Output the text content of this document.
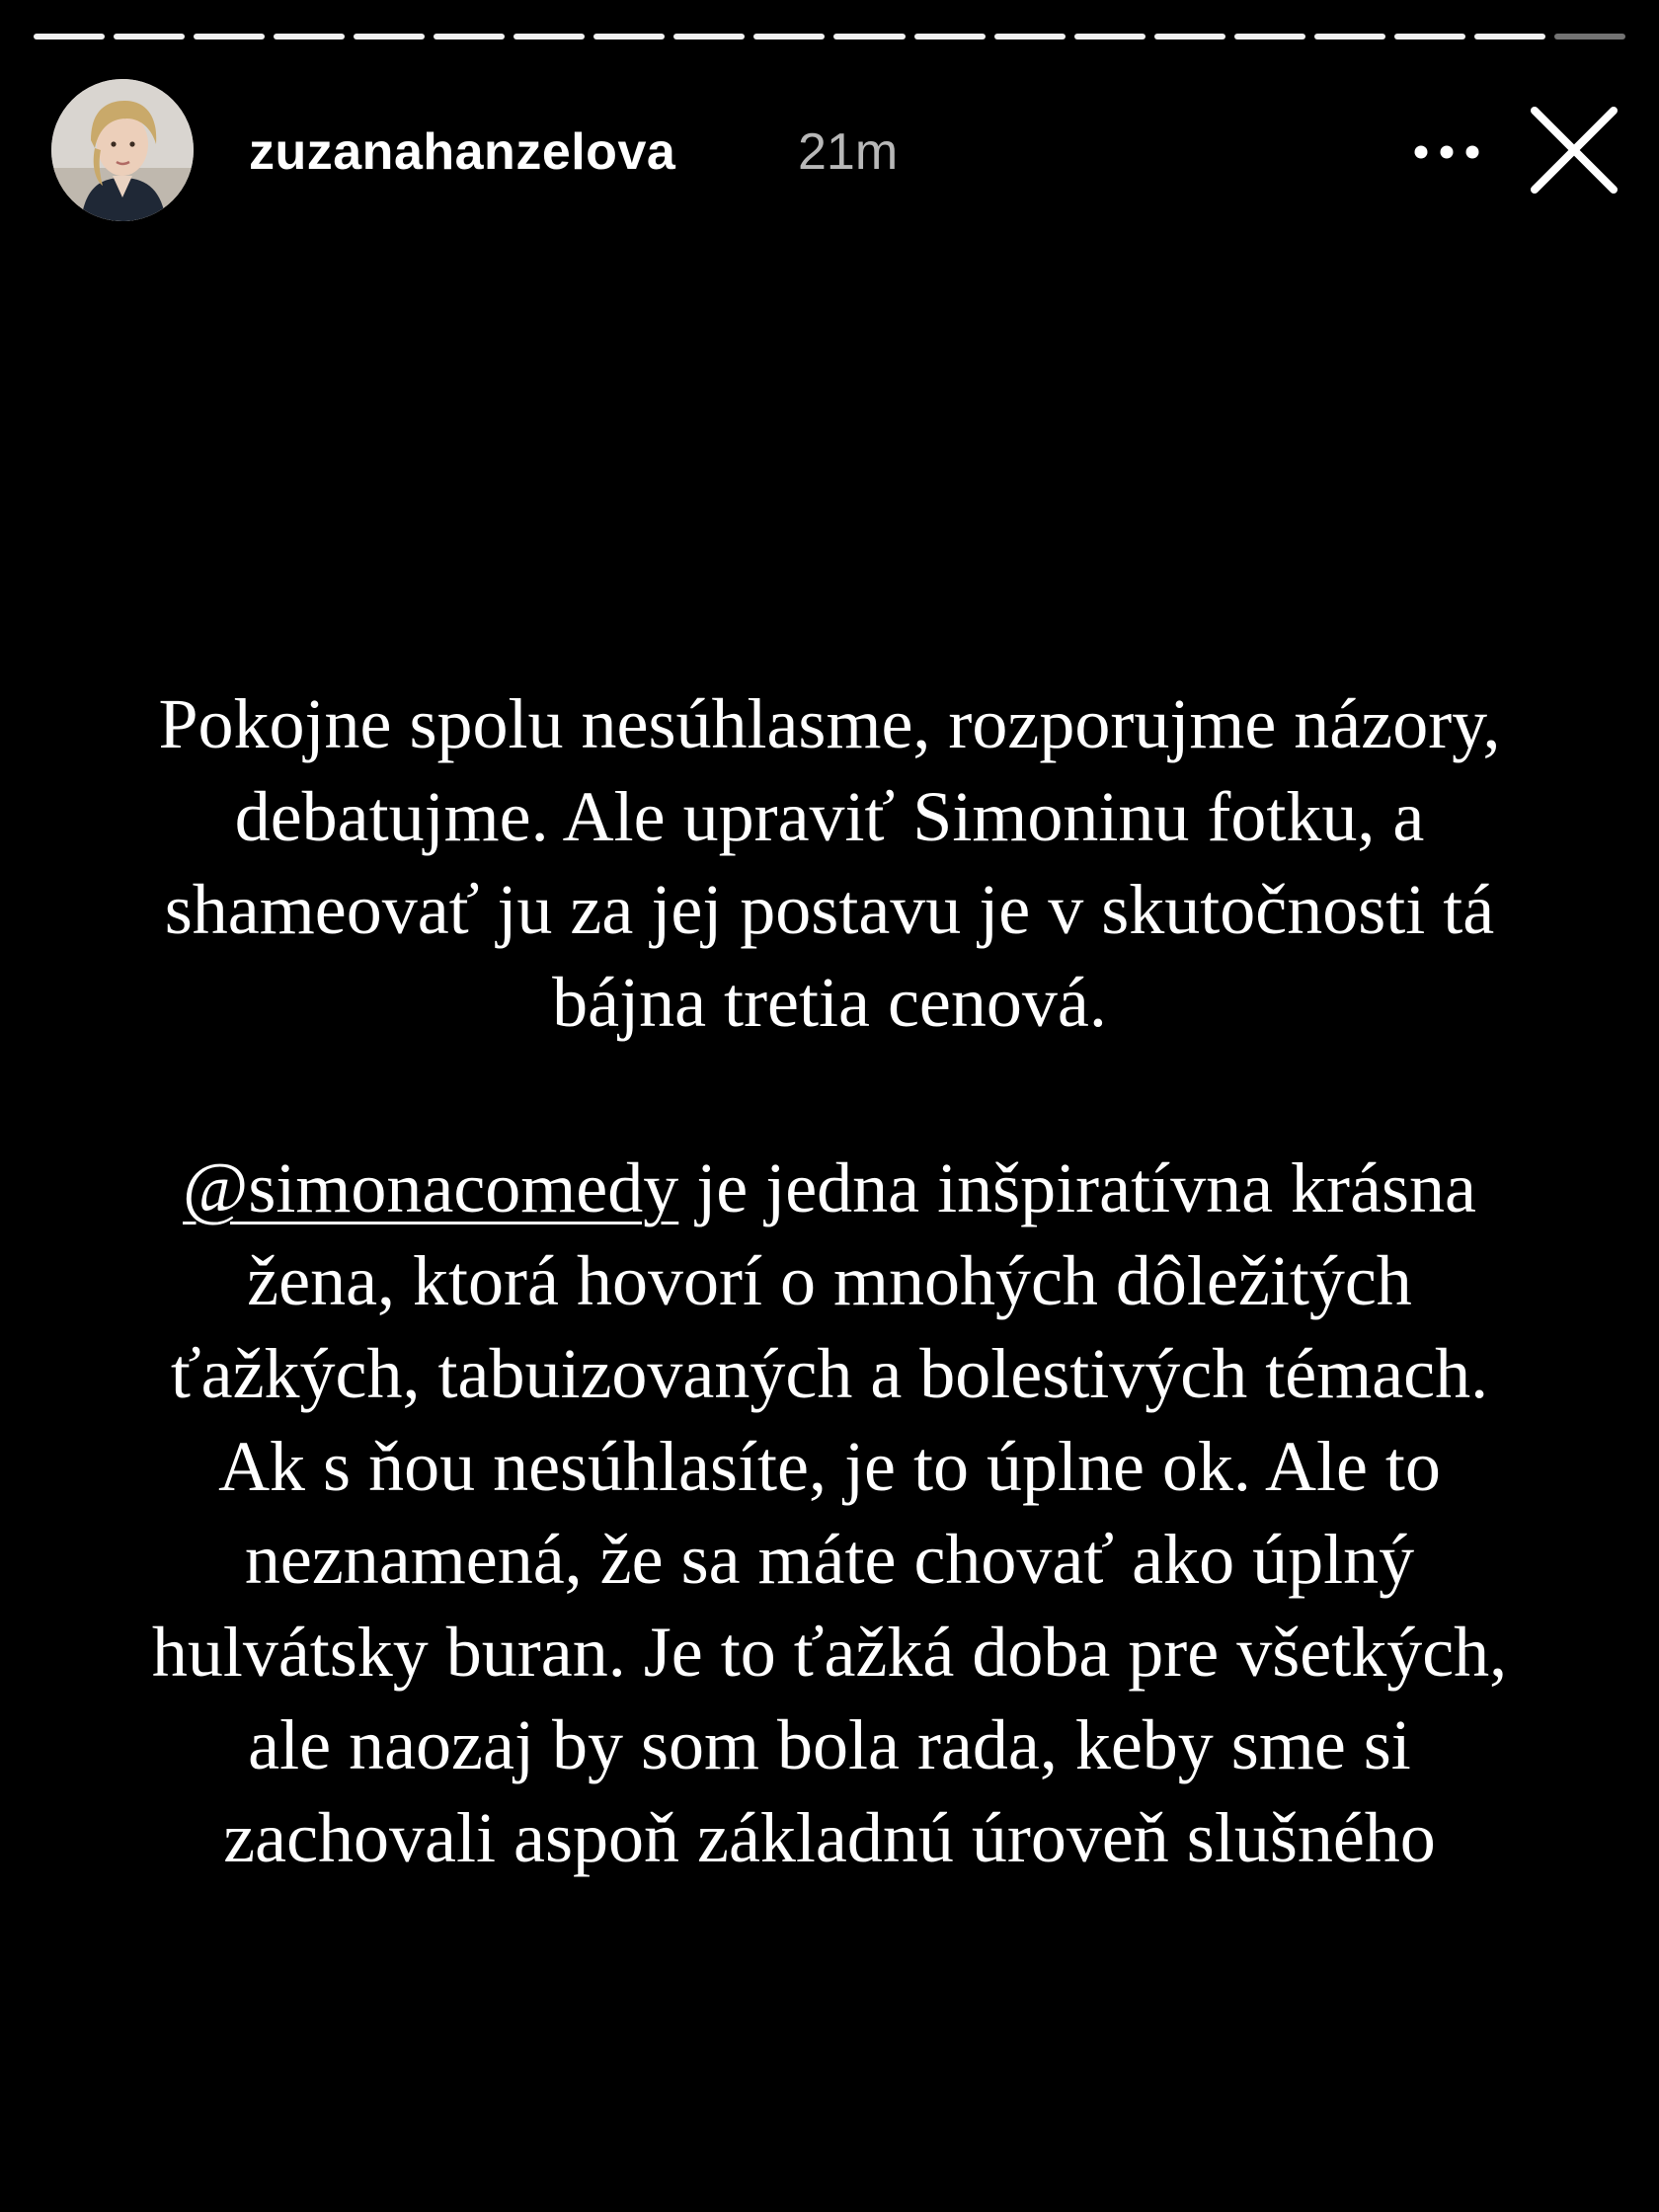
zuzanahanzelova 21m

Pokojne spolu nesúhlasme, rozporujme názory, debatujme. Ale upraviť Simoninu fotku, a shameovať ju za jej postavu je v skutočnosti tá bájna tretia cenová.

@simonacomedy je jedna inšpiratívna krásna žena, ktorá hovorí o mnohých dôležitých ťažkých, tabuizovaných a bolestivých témach. Ak s ňou nesúhlasíte, je to úplne ok. Ale to neznamená, že sa máte chovať ako úplný hulvátsky buran. Je to ťažká doba pre všetkých, ale naozaj by som bola rada, keby sme si zachovali aspoň základnú úroveň slušného
